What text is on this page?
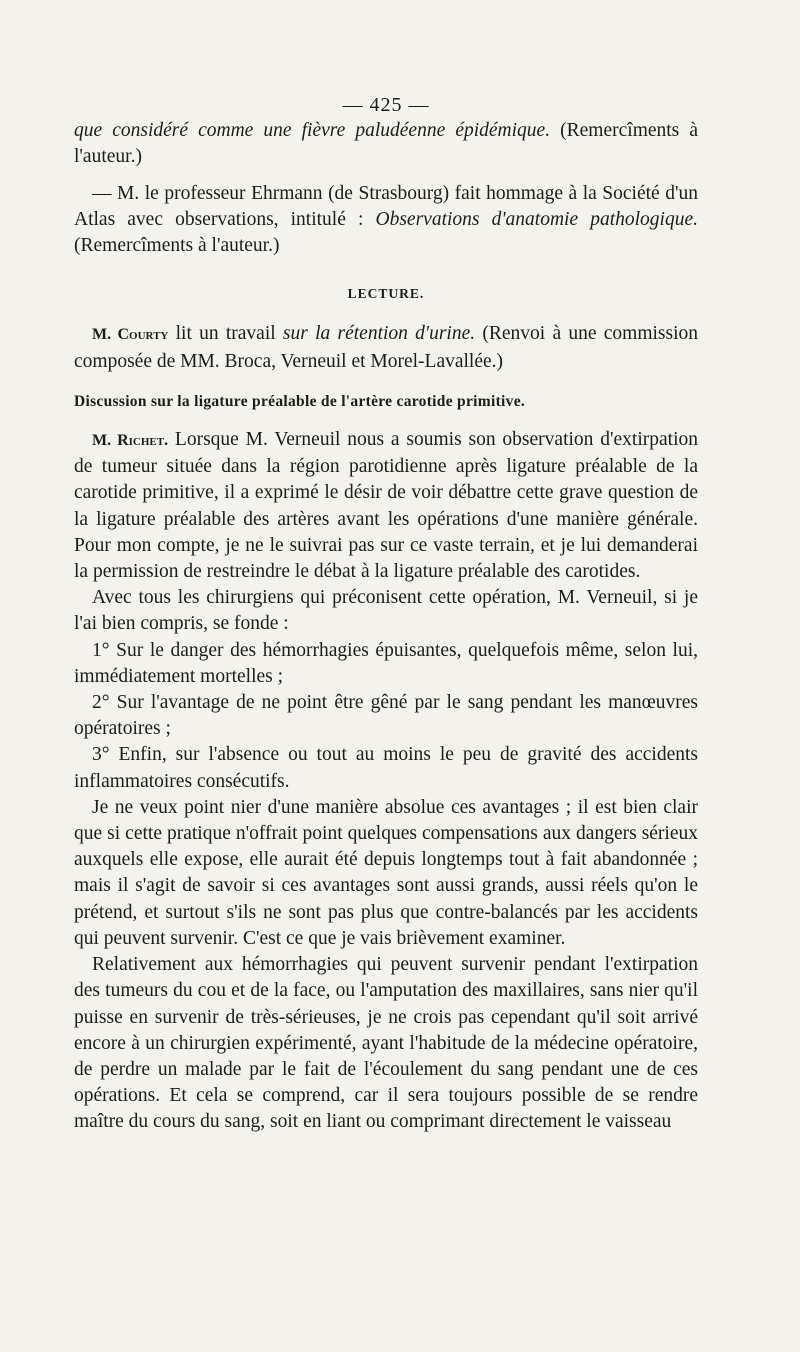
— 425 —

que considéré comme une fièvre paludéenne épidémique. (Remercîments à l'auteur.)

— M. le professeur Ehrmann (de Strasbourg) fait hommage à la Société d'un Atlas avec observations, intitulé : Observations d'anatomie pathologique. (Remercîments à l'auteur.)

LECTURE.

M. Courty lit un travail sur la rétention d'urine. (Renvoi à une commission composée de MM. Broca, Verneuil et Morel-Lavallée.)

Discussion sur la ligature préalable de l'artère carotide primitive.

M. Richet. Lorsque M. Verneuil nous a soumis son observation d'extirpation de tumeur située dans la région parotidienne après ligature préalable de la carotide primitive, il a exprimé le désir de voir débattre cette grave question de la ligature préalable des artères avant les opérations d'une manière générale. Pour mon compte, je ne le suivrai pas sur ce vaste terrain, et je lui demanderai la permission de restreindre le débat à la ligature préalable des carotides.

Avec tous les chirurgiens qui préconisent cette opération, M. Verneuil, si je l'ai bien compris, se fonde :

1° Sur le danger des hémorrhagies épuisantes, quelquefois même, selon lui, immédiatement mortelles ;

2° Sur l'avantage de ne point être gêné par le sang pendant les manœuvres opératoires ;

3° Enfin, sur l'absence ou tout au moins le peu de gravité des accidents inflammatoires consécutifs.

Je ne veux point nier d'une manière absolue ces avantages ; il est bien clair que si cette pratique n'offrait point quelques compensations aux dangers sérieux auxquels elle expose, elle aurait été depuis longtemps tout à fait abandonnée ; mais il s'agit de savoir si ces avantages sont aussi grands, aussi réels qu'on le prétend, et surtout s'ils ne sont pas plus que contre-balancés par les accidents qui peuvent survenir. C'est ce que je vais brièvement examiner.

Relativement aux hémorrhagies qui peuvent survenir pendant l'extirpation des tumeurs du cou et de la face, ou l'amputation des maxillaires, sans nier qu'il puisse en survenir de très-sérieuses, je ne crois pas cependant qu'il soit arrivé encore à un chirurgien expérimenté, ayant l'habitude de la médecine opératoire, de perdre un malade par le fait de l'écoulement du sang pendant une de ces opérations. Et cela se comprend, car il sera toujours possible de se rendre maître du cours du sang, soit en liant ou comprimant directement le vaisseau
